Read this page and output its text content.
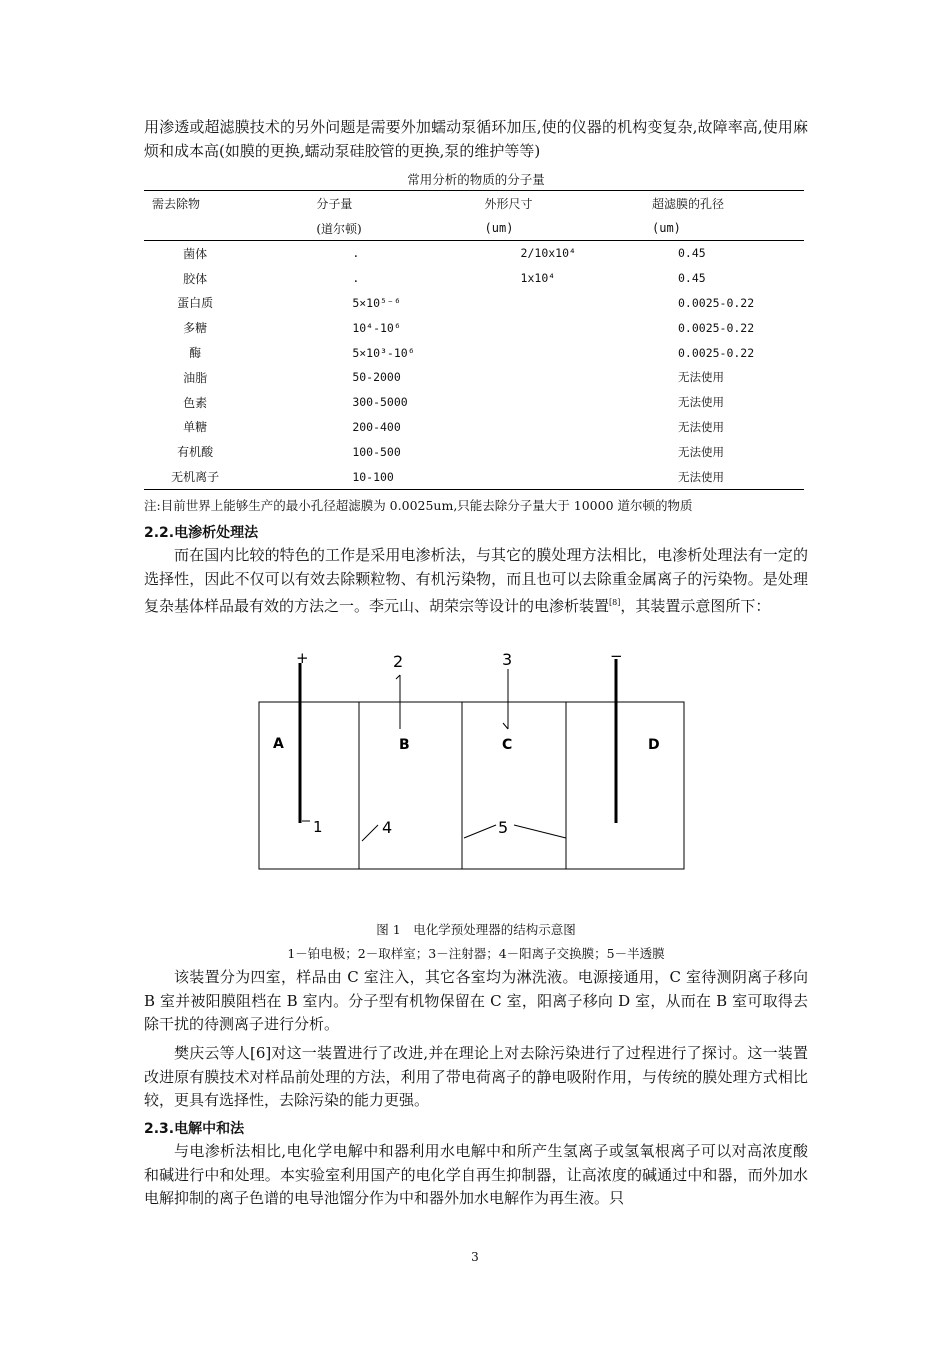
用渗透或超滤膜技术的另外问题是需要外加蠕动泵循环加压,使的仪器的机构变复杂,故障率高,使用麻烦和成本高(如膜的更换,蠕动泵硅胶管的更换,泵的维护等等)

常用分析的物质的分子量

需去除物	分子量	外形尺寸	超滤膜的孔径
	(道尔顿)	(um)	(um)
菌体	.	2/10x10⁴	0.45
胶体	.	1x10⁴	0.45
蛋白质	5×10⁵⁻⁶		0.0025-0.22
多糖	10⁴-10⁶		0.0025-0.22
酶	5×10³-10⁶		0.0025-0.22
油脂	50-2000		无法使用
色素	300-5000		无法使用
单糖	200-400		无法使用
有机酸	100-500		无法使用
无机离子	10-100		无法使用

注:目前世界上能够生产的最小孔径超滤膜为 0.0025um,只能去除分子量大于 10000 道尔顿的物质

2.2.电渗析处理法

而在国内比较的特色的工作是采用电渗析法，与其它的膜处理方法相比，电渗析处理法有一定的选择性，因此不仅可以有效去除颗粒物、有机污染物，而且也可以去除重金属离子的污染物。是处理复杂基体样品最有效的方法之一。李元山、胡荣宗等设计的电渗析装置[8]，其装置示意图所下：

+	−
2	3
A	B	C	D
1	4	5

图 1　电化学预处理器的结构示意图

1－铂电极；2－取样室；3－注射器；4－阳离子交换膜；5－半透膜

该装置分为四室，样品由 C 室注入，其它各室均为淋洗液。电源接通用，C 室待测阴离子移向 B 室并被阳膜阻档在 B 室内。分子型有机物保留在 C 室，阳离子移向 D 室，从而在 B 室可取得去除干扰的待测离子进行分析。

樊庆云等人[6]对这一装置进行了改进,并在理论上对去除污染进行了过程进行了探讨。这一装置改进原有膜技术对样品前处理的方法，利用了带电荷离子的静电吸附作用，与传统的膜处理方式相比较，更具有选择性，去除污染的能力更强。

2.3.电解中和法

与电渗析法相比,电化学电解中和器利用水电解中和所产生氢离子或氢氧根离子可以对高浓度酸和碱进行中和处理。本实验室利用国产的电化学自再生抑制器，让高浓度的碱通过中和器，而外加水电解抑制的离子色谱的电导池馏分作为中和器外加水电解作为再生液。只

3
